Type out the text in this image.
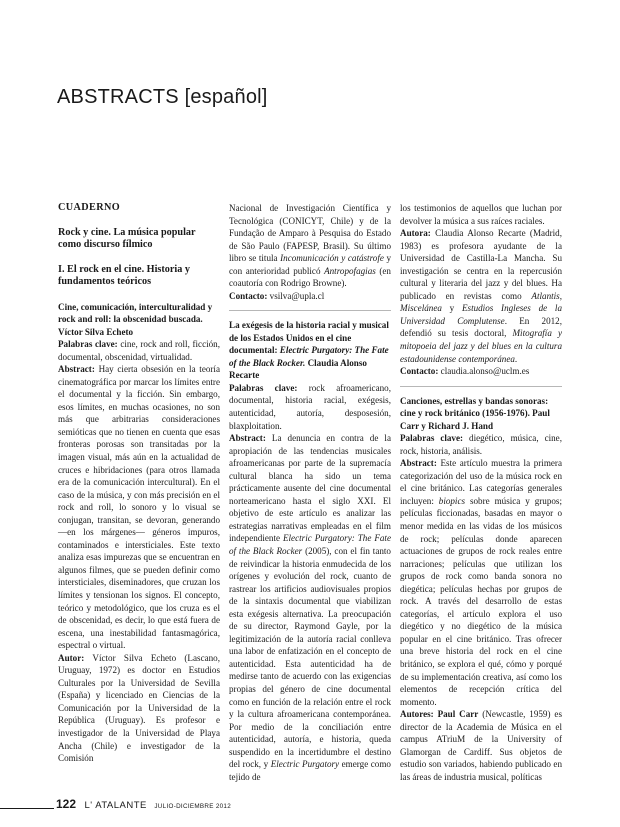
ABSTRACTS [español]

CUADERNO

Rock y cine. La música popular como discurso fílmico

I. El rock en el cine. Historia y fundamentos teóricos

Cine, comunicación, interculturalidad y rock and roll: la obscenidad buscada. Víctor Silva Echeto

Palabras clave: cine, rock and roll, ficción, documental, obscenidad, virtualidad.

Abstract: Hay cierta obsesión en la teoría cinematográfica por marcar los límites entre el documental y la ficción. Sin embargo, esos límites, en muchas ocasiones, no son más que arbitrarias consideraciones semióticas que no tienen en cuenta que esas fronteras porosas son transitadas por la imagen visual, más aún en la actualidad de cruces e hibridaciones (para otros llamada era de la comunicación intercultural). En el caso de la música, y con más precisión en el rock and roll, lo sonoro y lo visual se conjugan, transitan, se devoran, generando —en los márgenes— géneros impuros, contaminados e intersticiales. Este texto analiza esas impurezas que se encuentran en algunos filmes, que se pueden definir como intersticiales, diseminadores, que cruzan los límites y tensionan los signos. El concepto, teórico y metodológico, que los cruza es el de obscenidad, es decir, lo que está fuera de escena, una inestabilidad fantasmagórica, espectral o virtual.

Autor: Víctor Silva Echeto (Lascano, Uruguay, 1972) es doctor en Estudios Culturales por la Universidad de Sevilla (España) y licenciado en Ciencias de la Comunicación por la Universidad de la República (Uruguay). Es profesor e investigador de la Universidad de Playa Ancha (Chile) e investigador de la Comisión

Nacional de Investigación Científica y Tecnológica (CONICYT, Chile) y de la Fundação de Amparo à Pesquisa do Estado de São Paulo (FAPESP, Brasil). Su último libro se titula Incomunicación y catástrofe y con anterioridad publicó Antropofagias (en coautoría con Rodrigo Browne).

Contacto: vsilva@upla.cl

La exégesis de la historia racial y musical de los Estados Unidos en el cine documental: Electric Purgatory: The Fate of the Black Rocker. Claudia Alonso Recarte

Palabras clave: rock afroamericano, documental, historia racial, exégesis, autenticidad, autoría, desposesión, blaxploitation.

Abstract: La denuncia en contra de la apropiación de las tendencias musicales afroamericanas por parte de la supremacía cultural blanca ha sido un tema prácticamente ausente del cine documental norteamericano hasta el siglo XXI. El objetivo de este artículo es analizar las estrategias narrativas empleadas en el film independiente Electric Purgatory: The Fate of the Black Rocker (2005), con el fin tanto de reivindicar la historia enmudecida de los orígenes y evolución del rock, cuanto de rastrear los artificios audiovisuales propios de la sintaxis documental que viabilizan esta exégesis alternativa. La preocupación de su director, Raymond Gayle, por la legitimización de la autoría racial conlleva una labor de enfatización en el concepto de autenticidad. Esta autenticidad ha de medirse tanto de acuerdo con las exigencias propias del género de cine documental como en función de la relación entre el rock y la cultura afroamericana contemporánea. Por medio de la conciliación entre autenticidad, autoría, e historia, queda suspendido en la incertidumbre el destino del rock, y Electric Purgatory emerge como tejido de

los testimonios de aquellos que luchan por devolver la música a sus raíces raciales.

Autora: Claudia Alonso Recarte (Madrid, 1983) es profesora ayudante de la Universidad de Castilla-La Mancha. Su investigación se centra en la repercusión cultural y literaria del jazz y del blues. Ha publicado en revistas como Atlantis, Miscelánea y Estudios Ingleses de la Universidad Complutense. En 2012, defendió su tesis doctoral, Mitografía y mitopoeia del jazz y del blues en la cultura estadounidense contemporánea.

Contacto: claudia.alonso@uclm.es

Canciones, estrellas y bandas sonoras: cine y rock británico (1956-1976). Paul Carr y Richard J. Hand

Palabras clave: diegético, música, cine, rock, historia, análisis.

Abstract: Este artículo muestra la primera categorización del uso de la música rock en el cine británico. Las categorías generales incluyen: biopics sobre música y grupos; películas ficcionadas, basadas en mayor o menor medida en las vidas de los músicos de rock; películas donde aparecen actuaciones de grupos de rock reales entre narraciones; películas que utilizan los grupos de rock como banda sonora no diegética; películas hechas por grupos de rock. A través del desarrollo de estas categorías, el artículo explora el uso diegético y no diegético de la música popular en el cine británico. Tras ofrecer una breve historia del rock en el cine británico, se explora el qué, cómo y porqué de su implementación creativa, así como los elementos de recepción crítica del momento.

Autores: Paul Carr (Newcastle, 1959) es director de la Academia de Música en el campus ATriuM de la University of Glamorgan de Cardiff. Sus objetos de estudio son variados, habiendo publicado en las áreas de industria musical, políticas

122 L' ATALANTE JULIO-DICIEMBRE 2012
